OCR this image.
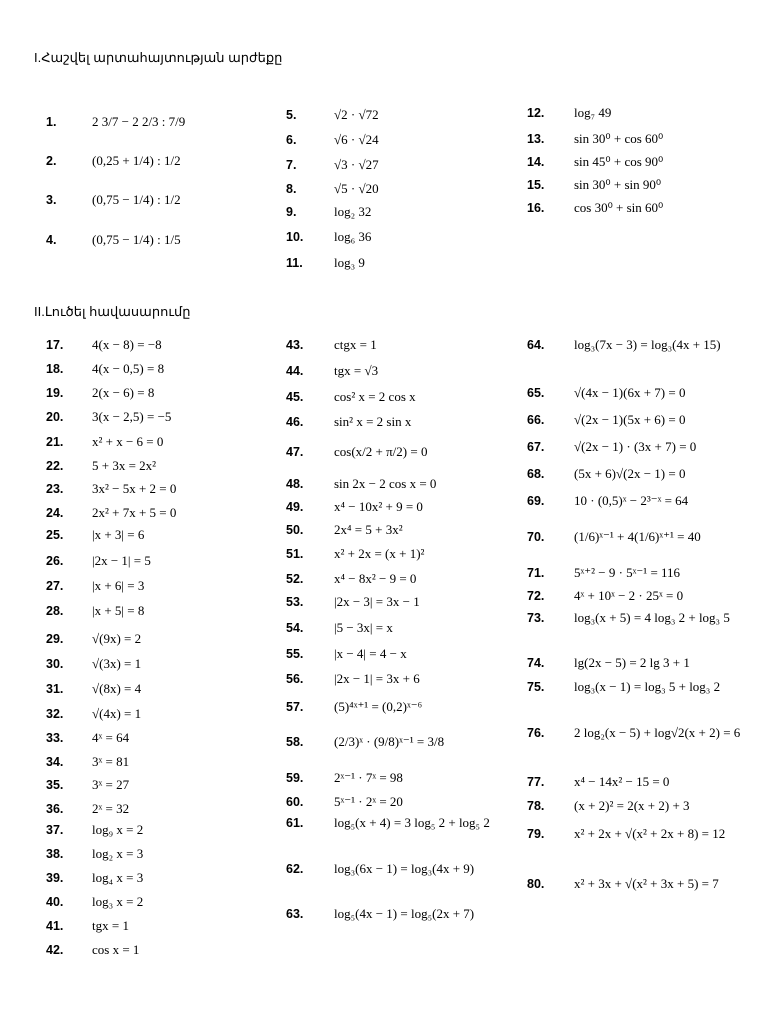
I.Հաշվել արտահայտության արժեքը
II.Լուծել հավասարումը
1.	2 3/7 − 2 2/3 : 7/9
2.	(0,25 + 1/4) : 1/2
3.	(0,75 − 1/4) : 1/2
4.	(0,75 − 1/4) : 1/5
5.	√2 · √72
6.	√6 · √24
7.	√3 · √27
8.	√5 · √20
9.	log₂ 32
10. log₆ 36
11. log₃ 9
12. log₇ 49
13. sin 30⁰ + cos 60⁰
14. sin 45⁰ + cos 90⁰
15. sin 30⁰ + sin 90⁰
16. cos 30⁰ + sin 60⁰
17. 4(x − 8) = −8
18. 4(x − 0,5) = 8
19. 2(x − 6) = 8
20. 3(x − 2,5) = −5
21. x² + x − 6 = 0
22. 5 + 3x = 2x²
23. 3x² − 5x + 2 = 0
24. 2x² + 7x + 5 = 0
25. |x + 3| = 6
26. |2x − 1| = 5
27. |x + 6| = 3
28. |x + 5| = 8
29. √(9x) = 2
30. √(3x) = 1
31. √(8x) = 4
32. √(4x) = 1
33. 4ˣ = 64
34. 3ˣ = 81
35. 3ˣ = 27
36. 2ˣ = 32
37. log₉ x = 2
38. log₂ x = 3
39. log₄ x = 3
40. log₃ x = 2
41. tgx = 1
42. cos x = 1
43. ctgx = 1
44. tgx = √3
45. cos² x = 2 cos x
46. sin² x = 2 sin x
47. cos(x/2 + π/2) = 0
48. sin 2x − 2 cos x = 0
49. x⁴ − 10x² + 9 = 0
50. 2x⁴ = 5 + 3x²
51. x² + 2x = (x + 1)²
52. x⁴ − 8x² − 9 = 0
53. |2x − 3| = 3x − 1
54. |5 − 3x| = x
55. |x − 4| = 4 − x
56. |2x − 1| = 3x + 6
57. (5)⁴ˣ⁺¹ = (0,2)ˣ⁻⁶
58. (2/3)ˣ · (9/8)ˣ⁻¹ = 3/8
59. 2ˣ⁻¹ · 7ˣ = 98
60. 5ˣ⁻¹ · 2ˣ = 20
61. log₅(x + 4) = 3 log₅ 2 + log₅ 2
62. log₃(6x − 1) = log₃(4x + 9)
63. log₅(4x − 1) = log₅(2x + 7)
64. log₃(7x − 3) = log₃(4x + 15)
65. √(4x − 1)(6x + 7) = 0
66. √(2x − 1)(5x + 6) = 0
67. √(2x − 1) · (3x + 7) = 0
68. (5x + 6)√(2x − 1) = 0
69. 10 · (0,5)ˣ − 2³⁻ˣ = 64
70. (1/6)ˣ⁻¹ + 4(1/6)ˣ⁺¹ = 40
71. 5ˣ⁺² − 9 · 5ˣ⁻¹ = 116
72. 4ˣ + 10ˣ − 2 · 25ˣ = 0
73. log₃(x + 5) = 4 log₃ 2 + log₃ 5
74. lg(2x − 5) = 2 lg 3 + 1
75. log₃(x − 1) = log₃ 5 + log₃ 2
76. 2 log₂(x − 5) + log√2(x + 2) = 6
77. x⁴ − 14x² − 15 = 0
78. (x + 2)² = 2(x + 2) + 3
79. x² + 2x + √(x² + 2x + 8) = 12
80. x² + 3x + √(x² + 3x + 5) = 7
